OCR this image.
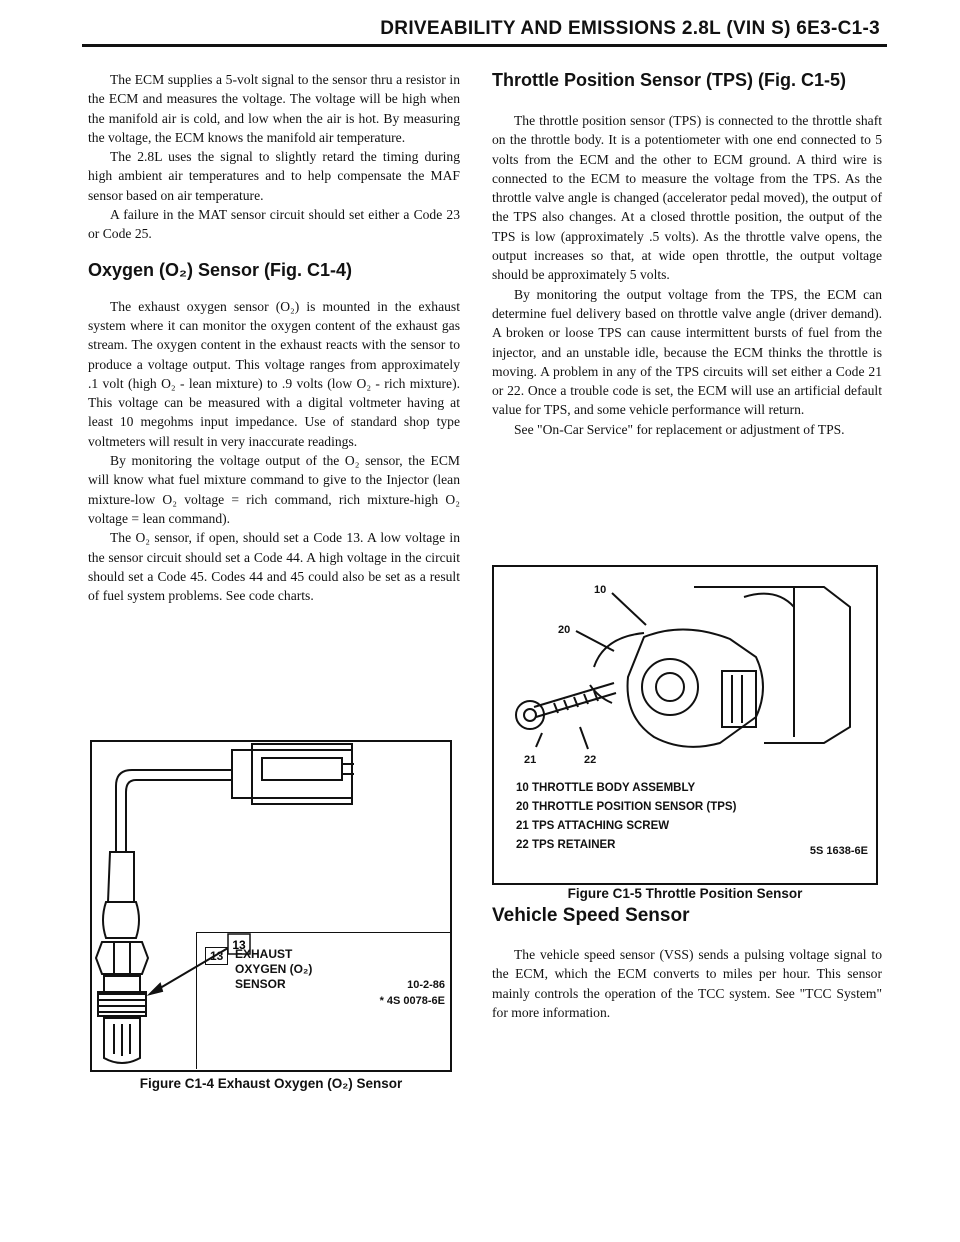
DRIVEABILITY AND EMISSIONS 2.8L (VIN S) 6E3-C1-3

The ECM supplies a 5-volt signal to the sensor thru a resistor in the ECM and measures the voltage. The voltage will be high when the manifold air is cold, and low when the air is hot. By measuring the voltage, the ECM knows the manifold air temperature.

The 2.8L uses the signal to slightly retard the timing during high ambient air temperatures and to help compensate the MAF sensor based on air temperature.

A failure in the MAT sensor circuit should set either a Code 23 or Code 25.

Oxygen (O₂) Sensor (Fig. C1-4)

The exhaust oxygen sensor (O₂) is mounted in the exhaust system where it can monitor the oxygen content of the exhaust gas stream. The oxygen content in the exhaust reacts with the sensor to produce a voltage output. This voltage ranges from approximately .1 volt (high O₂ - lean mixture) to .9 volts (low O₂ - rich mixture). This voltage can be measured with a digital voltmeter having at least 10 megohms input impedance. Use of standard shop type voltmeters will result in very inaccurate readings.

By monitoring the voltage output of the O₂ sensor, the ECM will know what fuel mixture command to give to the Injector (lean mixture-low O₂ voltage = rich command, rich mixture-high O₂ voltage = lean command).

The O₂ sensor, if open, should set a Code 13. A low voltage in the sensor circuit should set a Code 44. A high voltage in the circuit should set a Code 45. Codes 44 and 45 could also be set as a result of fuel system problems. See code charts.

13
13 EXHAUST OXYGEN (O₂) SENSOR	10-2-86
* 4S 0078-6E
Figure C1-4 Exhaust Oxygen (O₂) Sensor
Throttle Position Sensor (TPS) (Fig. C1-5)

The throttle position sensor (TPS) is connected to the throttle shaft on the throttle body. It is a potentiometer with one end connected to 5 volts from the ECM and the other to ECM ground. A third wire is connected to the ECM to measure the voltage from the TPS. As the throttle valve angle is changed (accelerator pedal moved), the output of the TPS also changes. At a closed throttle position, the output of the TPS is low (approximately .5 volts). As the throttle valve opens, the output increases so that, at wide open throttle, the output voltage should be approximately 5 volts.

By monitoring the output voltage from the TPS, the ECM can determine fuel delivery based on throttle valve angle (driver demand). A broken or loose TPS can cause intermittent bursts of fuel from the injector, and an unstable idle, because the ECM thinks the throttle is moving. A problem in any of the TPS circuits will set either a Code 21 or 22. Once a trouble code is set, the ECM will use an artificial default value for TPS, and some vehicle performance will return.

See "On-Car Service" for replacement or adjustment of TPS.

10
20
21	22
10 THROTTLE BODY ASSEMBLY
20 THROTTLE POSITION SENSOR (TPS)
21 TPS ATTACHING SCREW
22 TPS RETAINER	5S 1638-6E
Figure C1-5 Throttle Position Sensor
Vehicle Speed Sensor

The vehicle speed sensor (VSS) sends a pulsing voltage signal to the ECM, which the ECM converts to miles per hour. This sensor mainly controls the operation of the TCC system. See "TCC System" for more information.
